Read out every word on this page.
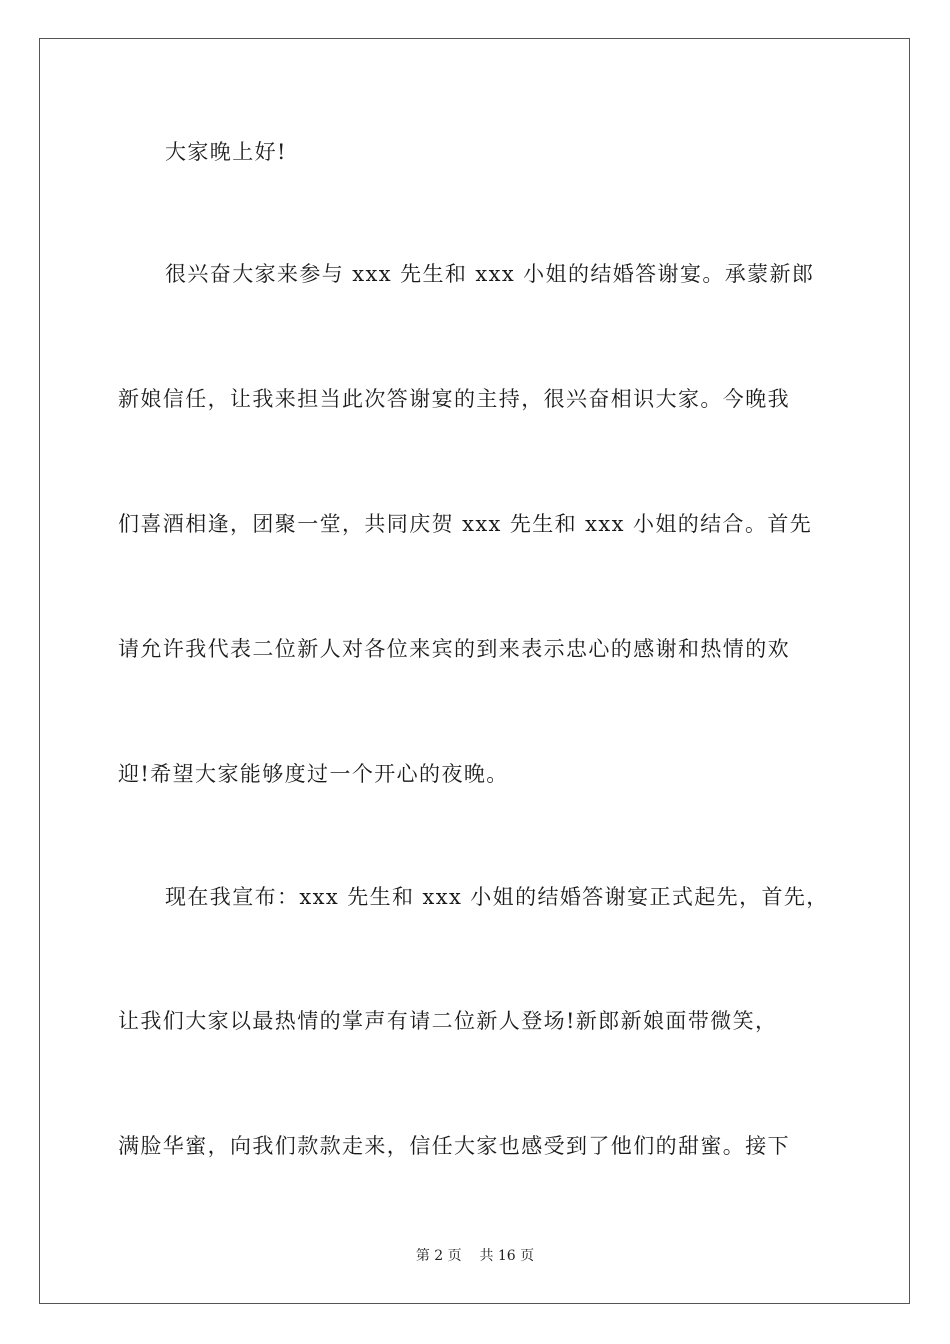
大家晚上好!
很兴奋大家来参与 xxx 先生和 xxx 小姐的结婚答谢宴。承蒙新郎
新娘信任，让我来担当此次答谢宴的主持，很兴奋相识大家。今晚我
们喜酒相逢，团聚一堂，共同庆贺 xxx 先生和 xxx 小姐的结合。首先
请允许我代表二位新人对各位来宾的到来表示忠心的感谢和热情的欢
迎!希望大家能够度过一个开心的夜晚。
现在我宣布：xxx 先生和 xxx 小姐的结婚答谢宴正式起先，首先，
让我们大家以最热情的掌声有请二位新人登场!新郎新娘面带微笑，
满脸华蜜，向我们款款走来，信任大家也感受到了他们的甜蜜。接下
第 2 页 共 16 页
